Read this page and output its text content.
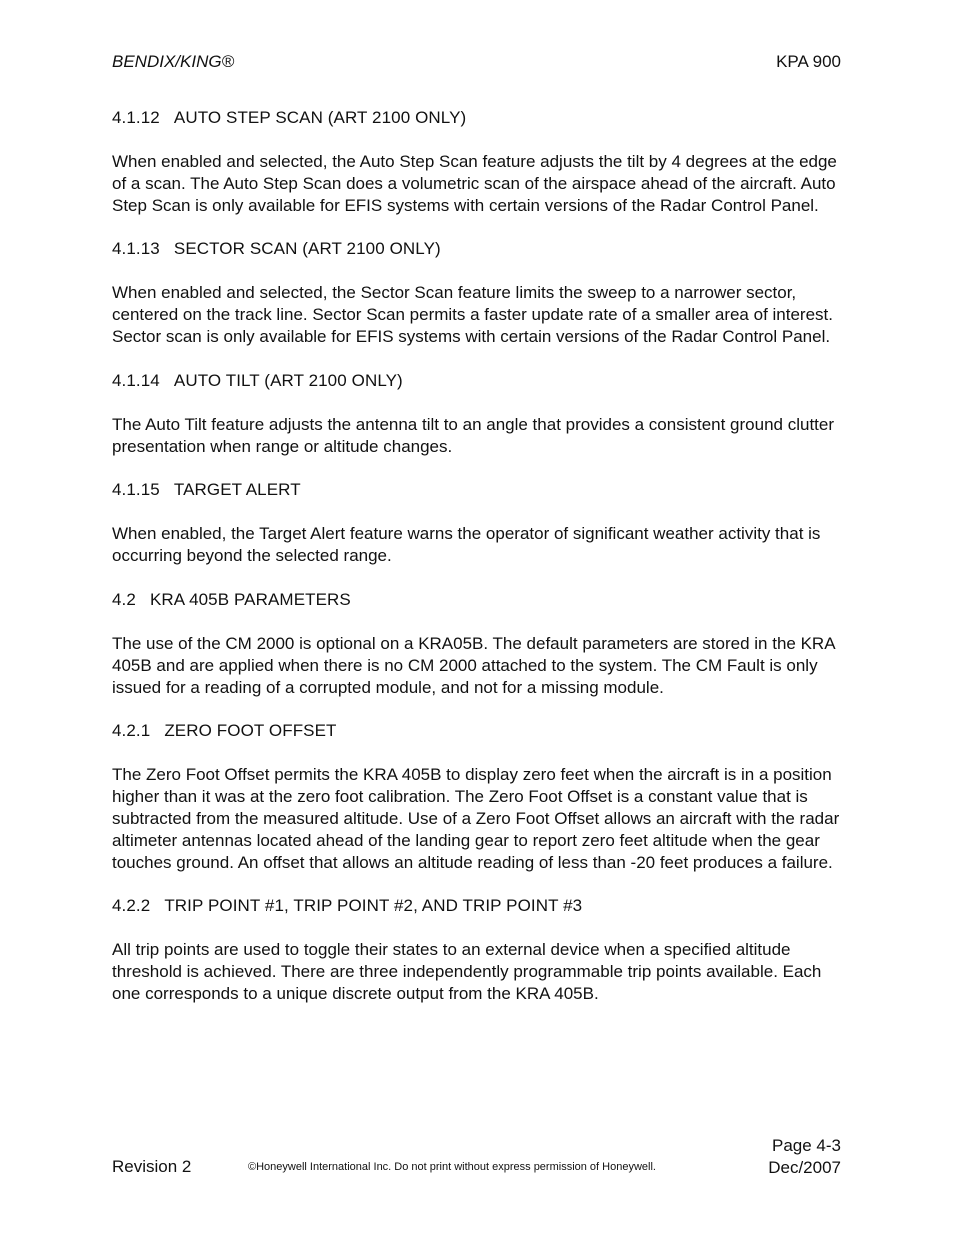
BENDIX/KING®	KPA 900
4.1.12 AUTO STEP SCAN (ART 2100 ONLY)

When enabled and selected, the Auto Step Scan feature adjusts the tilt by 4 degrees at the edge of a scan. The Auto Step Scan does a volumetric scan of the airspace ahead of the aircraft. Auto Step Scan is only available for EFIS systems with certain versions of the Radar Control Panel.

4.1.13 SECTOR SCAN (ART 2100 ONLY)

When enabled and selected, the Sector Scan feature limits the sweep to a narrower sector, centered on the track line. Sector Scan permits a faster update rate of a smaller area of interest. Sector scan is only available for EFIS systems with certain versions of the Radar Control Panel.

4.1.14 AUTO TILT (ART 2100 ONLY)

The Auto Tilt feature adjusts the antenna tilt to an angle that provides a consistent ground clutter presentation when range or altitude changes.

4.1.15 TARGET ALERT

When enabled, the Target Alert feature warns the operator of significant weather activity that is occurring beyond the selected range.

4.2 KRA 405B PARAMETERS

The use of the CM 2000 is optional on a KRA05B. The default parameters are stored in the KRA 405B and are applied when there is no CM 2000 attached to the system. The CM Fault is only issued for a reading of a corrupted module, and not for a missing module.

4.2.1 ZERO FOOT OFFSET

The Zero Foot Offset permits the KRA 405B to display zero feet when the aircraft is in a position higher than it was at the zero foot calibration. The Zero Foot Offset is a constant value that is subtracted from the measured altitude. Use of a Zero Foot Offset allows an aircraft with the radar altimeter antennas located ahead of the landing gear to report zero feet altitude when the gear touches ground. An offset that allows an altitude reading of less than -20 feet produces a failure.

4.2.2 TRIP POINT #1, TRIP POINT #2, AND TRIP POINT #3

All trip points are used to toggle their states to an external device when a specified altitude threshold is achieved. There are three independently programmable trip points available. Each one corresponds to a unique discrete output from the KRA 405B.

Page 4-3
Dec/2007
Revision 2	©Honeywell International Inc. Do not print without express permission of Honeywell.
